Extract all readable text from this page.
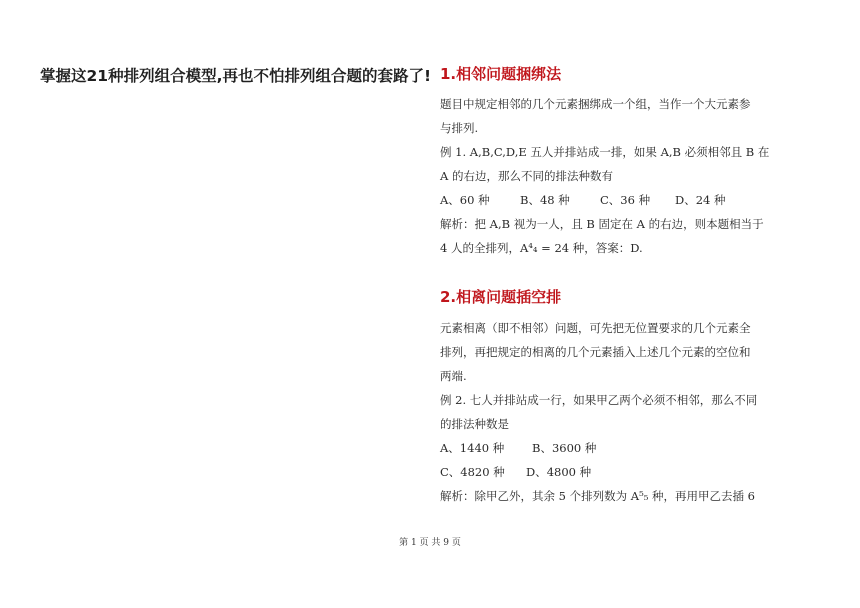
掌握这21种排列组合模型,再也不怕排列组合题的套路了! 1.相邻问题捆绑法
题目中规定相邻的几个元素捆绑成一个组，当作一个大元素参
与排列.
例 1. A,B,C,D,E 五人并排站成一排，如果 A,B 必须相邻且 B 在
A 的右边，那么不同的排法种数有
A、60 种	B、48 种	C、36 种 D、24 种
解析：把 A,B 视为一人，且 B 固定在 A 的右边，则本题相当于
4 人的全排列，A⁴₄ = 24 种，答案：D.
2.相离问题插空排
元素相离（即不相邻）问题，可先把无位置要求的几个元素全
排列，再把规定的相离的几个元素插入上述几个元素的空位和
两端.
例 2. 七人并排站成一行，如果甲乙两个必须不相邻，那么不同
的排法种数是
A、1440 种 B、3600 种
C、4820 种 D、4800 种
解析：除甲乙外，其余 5 个排列数为 A⁵₅ 种，再用甲乙去插 6
第 1 页 共 9 页
